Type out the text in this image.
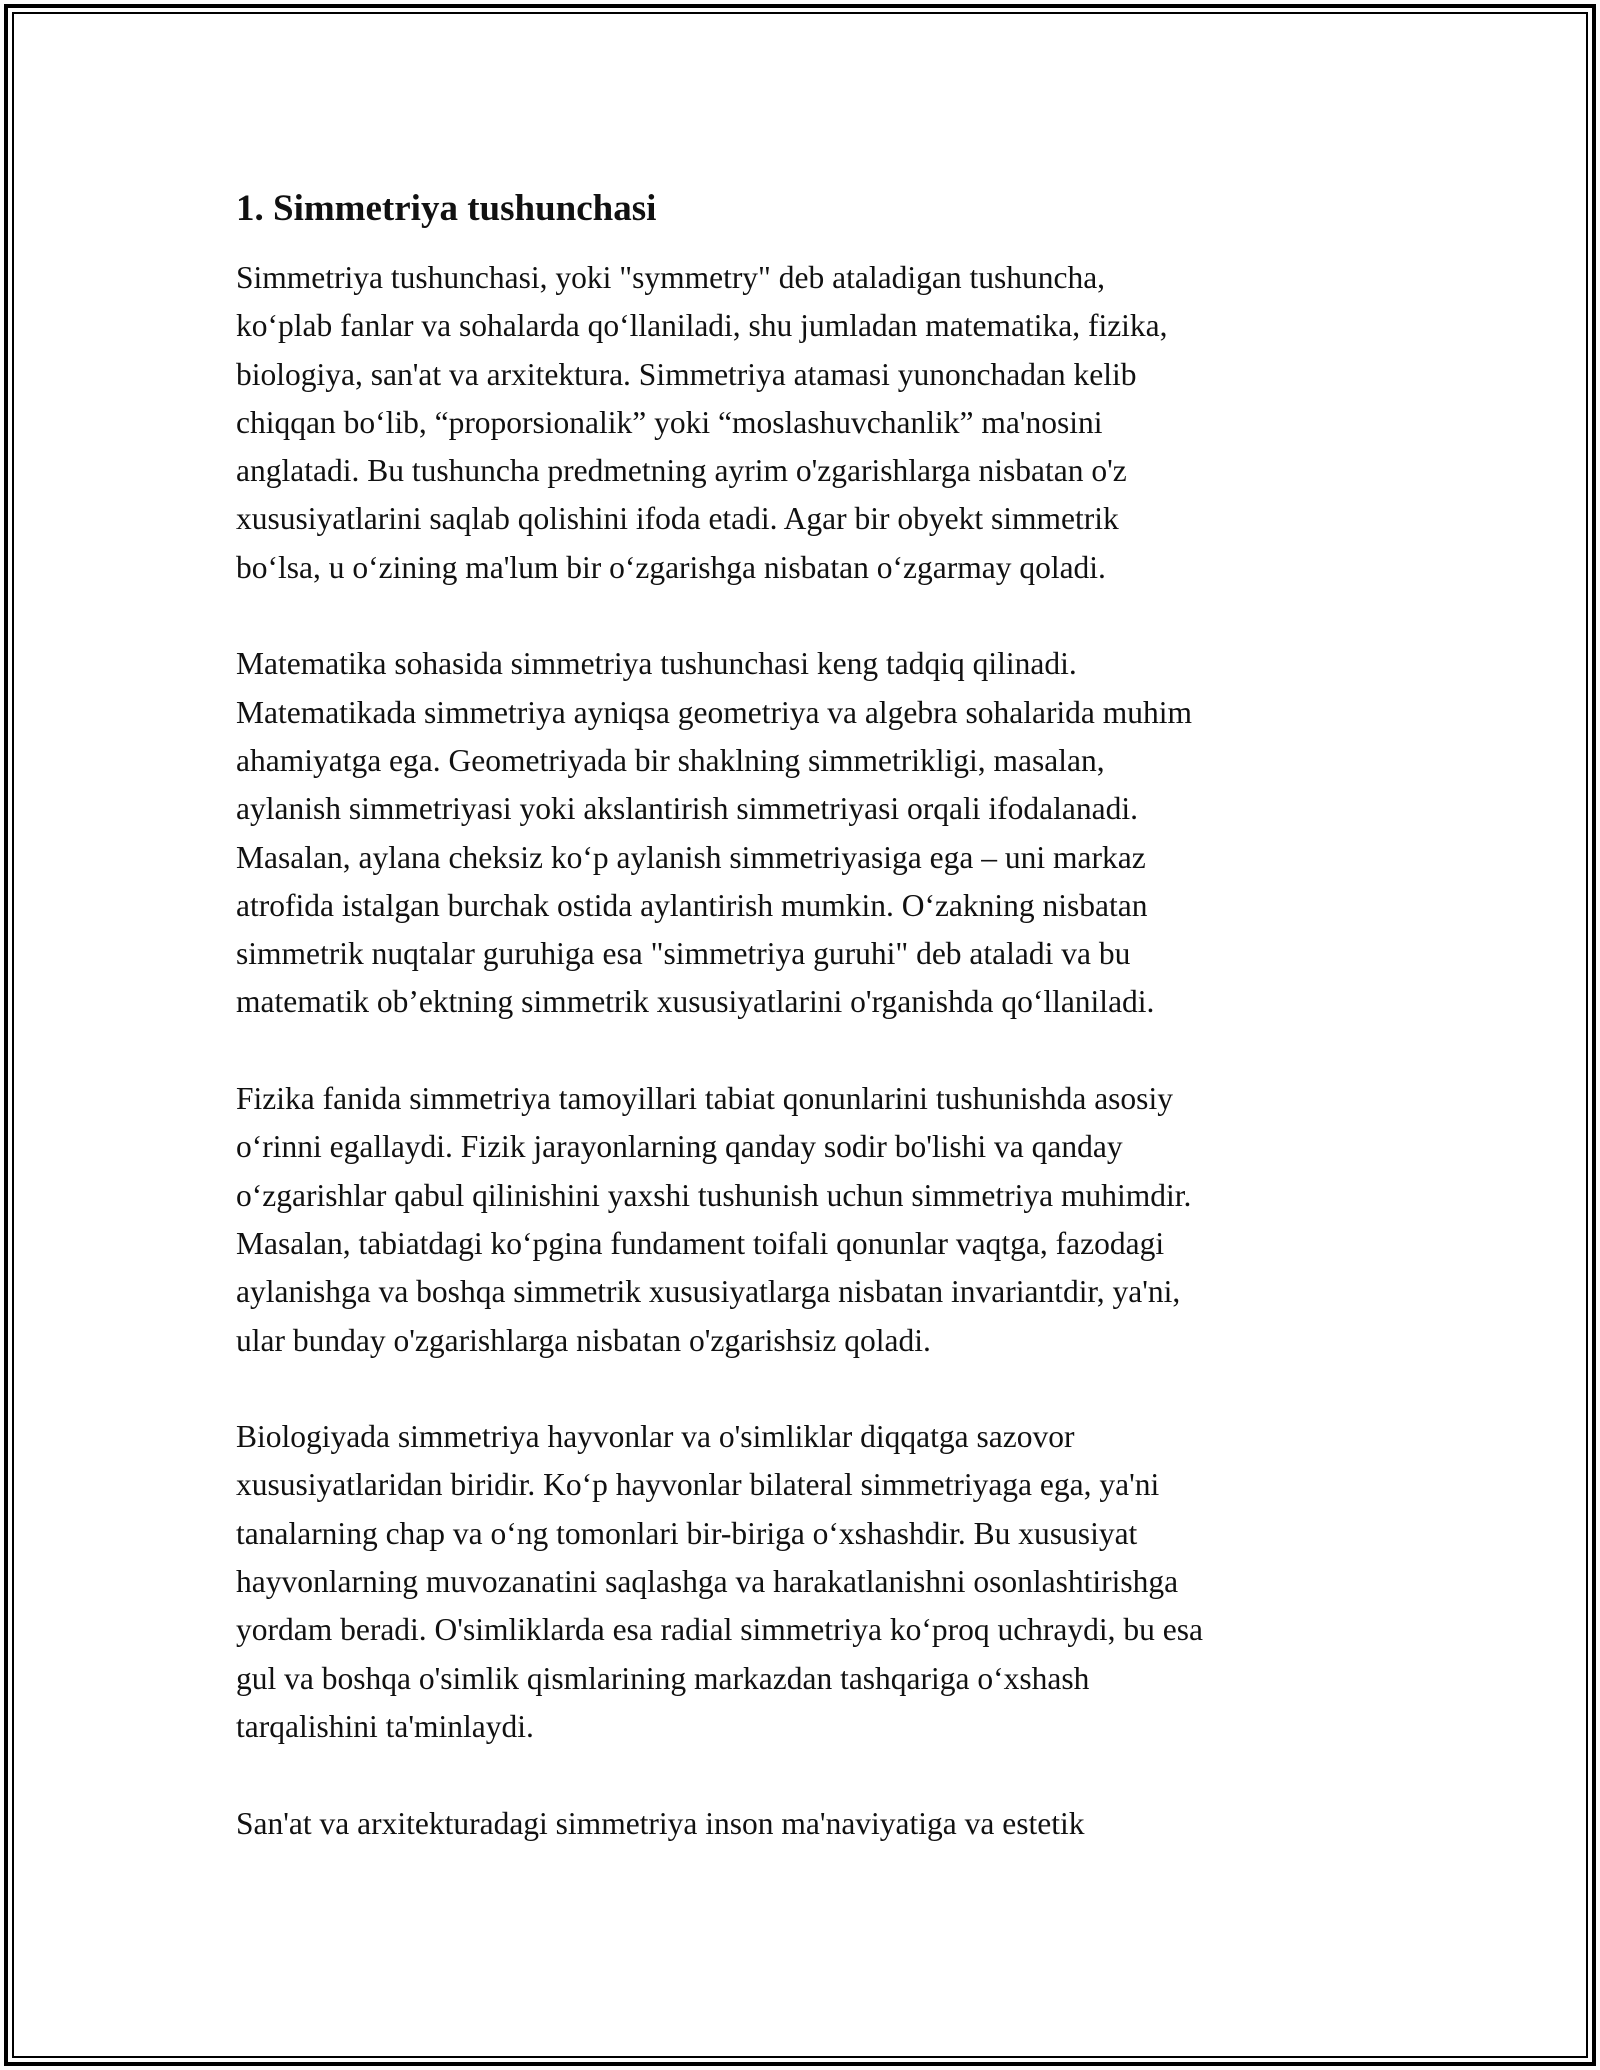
1. Simmetriya tushunchasi
Simmetriya tushunchasi, yoki "symmetry" deb ataladigan tushuncha,
ko‘plab fanlar va sohalarda qo‘llaniladi, shu jumladan matematika, fizika,
biologiya, san'at va arxitektura. Simmetriya atamasi yunonchadan kelib
chiqqan bo‘lib, “proporsionalik” yoki “moslashuvchanlik” ma'nosini
anglatadi. Bu tushuncha predmetning ayrim o'zgarishlarga nisbatan o'z
xususiyatlarini saqlab qolishini ifoda etadi. Agar bir obyekt simmetrik
bo‘lsa, u o‘zining ma'lum bir o‘zgarishga nisbatan o‘zgarmay qoladi.
Matematika sohasida simmetriya tushunchasi keng tadqiq qilinadi.
Matematikada simmetriya ayniqsa geometriya va algebra sohalarida muhim
ahamiyatga ega. Geometriyada bir shaklning simmetrikligi, masalan,
aylanish simmetriyasi yoki akslantirish simmetriyasi orqali ifodalanadi.
Masalan, aylana cheksiz ko‘p aylanish simmetriyasiga ega – uni markaz
atrofida istalgan burchak ostida aylantirish mumkin. O‘zakning nisbatan
simmetrik nuqtalar guruhiga esa "simmetriya guruhi" deb ataladi va bu
matematik ob’ektning simmetrik xususiyatlarini o'rganishda qo‘llaniladi.
Fizika fanida simmetriya tamoyillari tabiat qonunlarini tushunishda asosiy
o‘rinni egallaydi. Fizik jarayonlarning qanday sodir bo'lishi va qanday
o‘zgarishlar qabul qilinishini yaxshi tushunish uchun simmetriya muhimdir.
Masalan, tabiatdagi ko‘pgina fundament toifali qonunlar vaqtga, fazodagi
aylanishga va boshqa simmetrik xususiyatlarga nisbatan invariantdir, ya'ni,
ular bunday o'zgarishlarga nisbatan o'zgarishsiz qoladi.
Biologiyada simmetriya hayvonlar va o'simliklar diqqatga sazovor
xususiyatlaridan biridir. Ko‘p hayvonlar bilateral simmetriyaga ega, ya'ni
tanalarning chap va o‘ng tomonlari bir-biriga o‘xshashdir. Bu xususiyat
hayvonlarning muvozanatini saqlashga va harakatlanishni osonlashtirishga
yordam beradi. O'simliklarda esa radial simmetriya ko‘proq uchraydi, bu esa
gul va boshqa o'simlik qismlarining markazdan tashqariga o‘xshash
tarqalishini ta'minlaydi.
San'at va arxitekturadagi simmetriya inson ma'naviyatiga va estetik
